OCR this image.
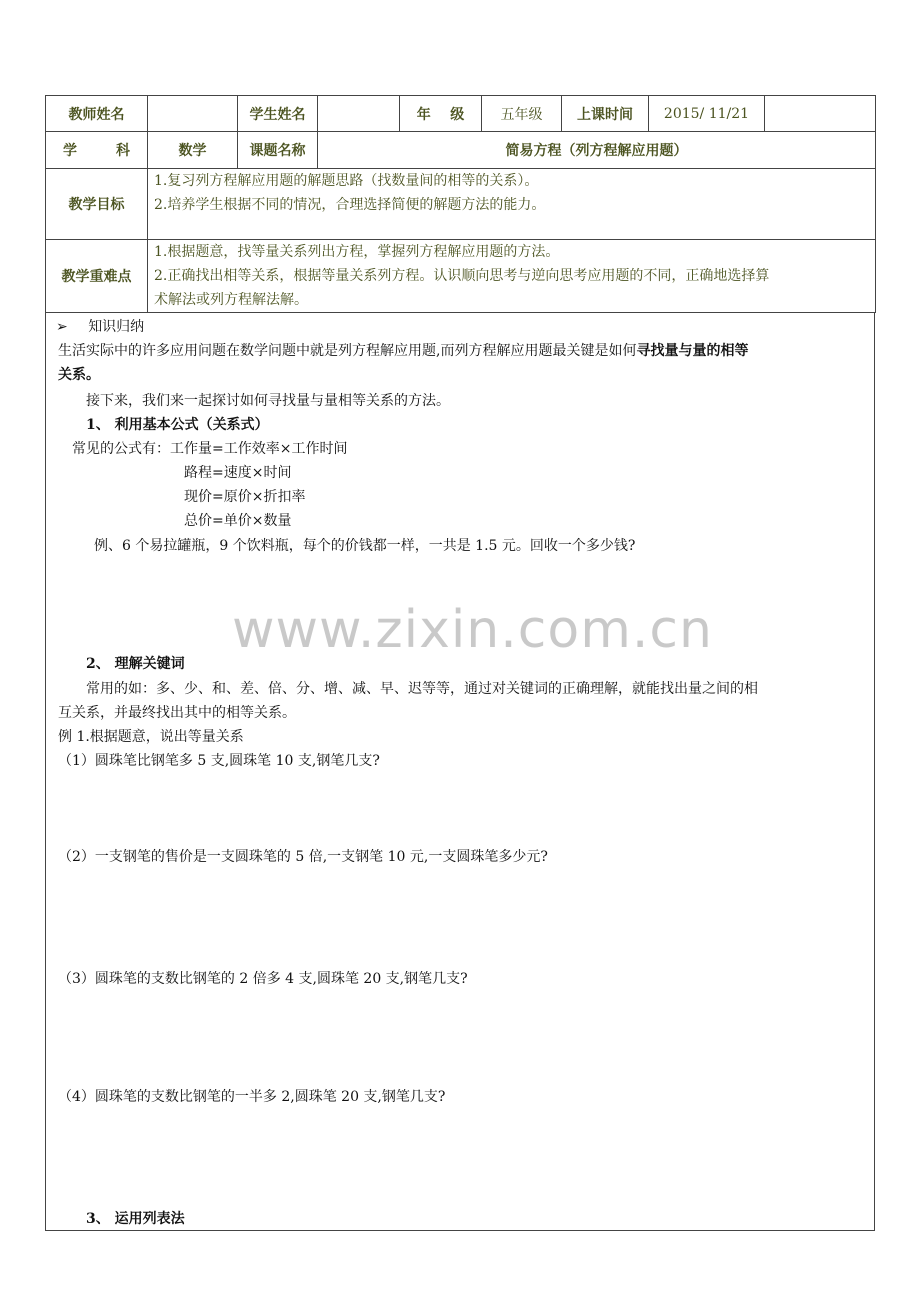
教师姓名		学生姓名		年    级	五年级	上课时间	2015/ 11/21	
学        科	数学	课题名称	简易方程（列方程解应用题）					
教学目标	1.复习列方程解应用题的解题思路（找数量间的相等的关系）。
2.培养学生根据不同的情况，合理选择简便的解题方法的能力。							

教学重难点	1.根据题意，找等量关系列出方程，掌握列方程解应用题的方法。
2.正确找出相等关系，根据等量关系列方程。认识顺向思考与逆向思考应用题的不同，正确地选择算
术解法或列方程解法解。							
➢ 知识归纳
生活实际中的许多应用问题在数学问题中就是列方程解应用题,而列方程解应用题最关键是如何寻找量与量的相等
关系。
接下来，我们来一起探讨如何寻找量与量相等关系的方法。
1、 利用基本公式（关系式）
常见的公式有：工作量=工作效率×工作时间
路程=速度×时间
现价=原价×折扣率
总价=单价×数量
例、6 个易拉罐瓶，9 个饮料瓶，每个的价钱都一样，一共是 1.5 元。回收一个多少钱?
2、 理解关键词
常用的如：多、少、和、差、倍、分、增、减、早、迟等等，通过对关键词的正确理解，就能找出量之间的相
互关系，并最终找出其中的相等关系。
例 1.根据题意，说出等量关系
（1）圆珠笔比钢笔多 5 支,圆珠笔 10 支,钢笔几支?
（2）一支钢笔的售价是一支圆珠笔的 5 倍,一支钢笔 10 元,一支圆珠笔多少元?
（3）圆珠笔的支数比钢笔的 2 倍多 4 支,圆珠笔 20 支,钢笔几支?
（4）圆珠笔的支数比钢笔的一半多 2,圆珠笔 20 支,钢笔几支?
3、 运用列表法
www.zixin.com.cn
